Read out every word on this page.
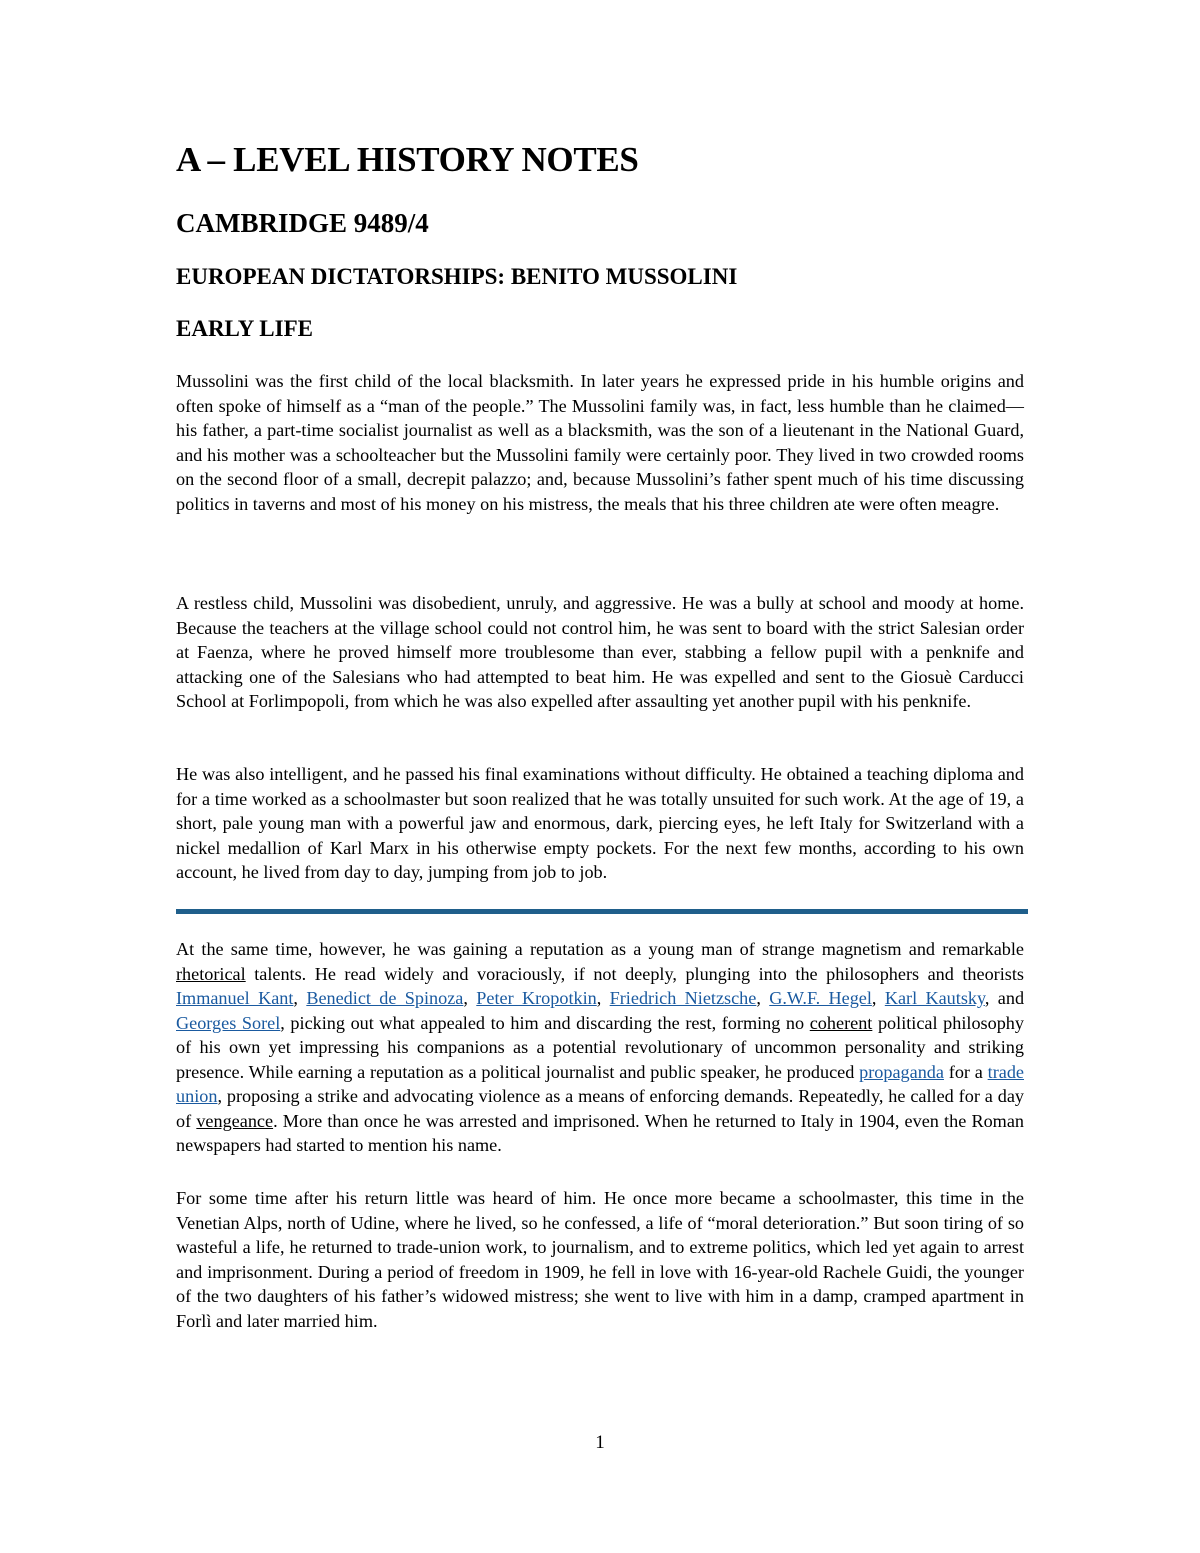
A – LEVEL HISTORY NOTES
CAMBRIDGE 9489/4
EUROPEAN DICTATORSHIPS: BENITO MUSSOLINI
EARLY LIFE

Mussolini was the first child of the local blacksmith. In later years he expressed pride in his humble origins and often spoke of himself as a “man of the people.” The Mussolini family was, in fact, less humble than he claimed—his father, a part-time socialist journalist as well as a blacksmith, was the son of a lieutenant in the National Guard, and his mother was a schoolteacher but the Mussolini family were certainly poor. They lived in two crowded rooms on the second floor of a small, decrepit palazzo; and, because Mussolini’s father spent much of his time discussing politics in taverns and most of his money on his mistress, the meals that his three children ate were often meagre.

A restless child, Mussolini was disobedient, unruly, and aggressive. He was a bully at school and moody at home. Because the teachers at the village school could not control him, he was sent to board with the strict Salesian order at Faenza, where he proved himself more troublesome than ever, stabbing a fellow pupil with a penknife and attacking one of the Salesians who had attempted to beat him. He was expelled and sent to the Giosuè Carducci School at Forlimpopoli, from which he was also expelled after assaulting yet another pupil with his penknife.

He was also intelligent, and he passed his final examinations without difficulty. He obtained a teaching diploma and for a time worked as a schoolmaster but soon realized that he was totally unsuited for such work. At the age of 19, a short, pale young man with a powerful jaw and enormous, dark, piercing eyes, he left Italy for Switzerland with a nickel medallion of Karl Marx in his otherwise empty pockets. For the next few months, according to his own account, he lived from day to day, jumping from job to job.

At the same time, however, he was gaining a reputation as a young man of strange magnetism and remarkable rhetorical talents. He read widely and voraciously, if not deeply, plunging into the philosophers and theorists Immanuel Kant, Benedict de Spinoza, Peter Kropotkin, Friedrich Nietzsche, G.W.F. Hegel, Karl Kautsky, and Georges Sorel, picking out what appealed to him and discarding the rest, forming no coherent political philosophy of his own yet impressing his companions as a potential revolutionary of uncommon personality and striking presence. While earning a reputation as a political journalist and public speaker, he produced propaganda for a trade union, proposing a strike and advocating violence as a means of enforcing demands. Repeatedly, he called for a day of vengeance. More than once he was arrested and imprisoned. When he returned to Italy in 1904, even the Roman newspapers had started to mention his name.

For some time after his return little was heard of him. He once more became a schoolmaster, this time in the Venetian Alps, north of Udine, where he lived, so he confessed, a life of “moral deterioration.” But soon tiring of so wasteful a life, he returned to trade-union work, to journalism, and to extreme politics, which led yet again to arrest and imprisonment. During a period of freedom in 1909, he fell in love with 16-year-old Rachele Guidi, the younger of the two daughters of his father’s widowed mistress; she went to live with him in a damp, cramped apartment in Forlì and later married him.

1
